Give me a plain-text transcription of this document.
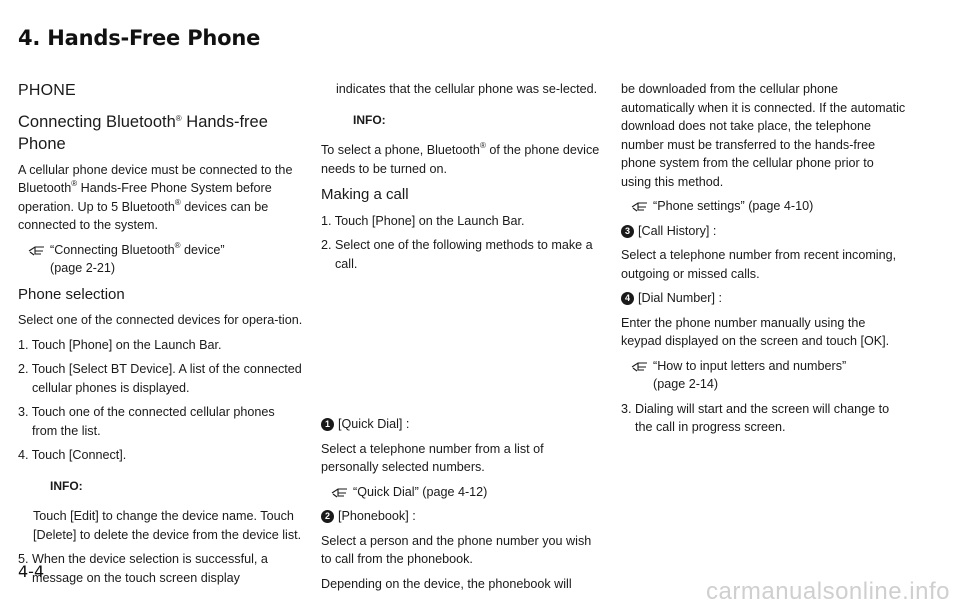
4. Hands-Free Phone
PHONE
Connecting Bluetooth® Hands-free
Phone

A cellular phone device must be connected to the Bluetooth® Hands-Free Phone System before operation. Up to 5 Bluetooth® devices can be connected to the system.

“Connecting Bluetooth® device”
(page 2-21)

Phone selection

Select one of the connected devices for opera-tion.

1. Touch [Phone] on the Launch Bar.

2. Touch [Select BT Device]. A list of the connected cellular phones is displayed.

3. Touch one of the connected cellular phones from the list.

4. Touch [Connect].

INFO:

Touch [Edit] to change the device name. Touch [Delete] to delete the device from the device list.

5. When the device selection is successful, a message on the touch screen display

indicates that the cellular phone was se-lected.

INFO:

To select a phone, Bluetooth® of the phone device needs to be turned on.

Making a call

1. Touch [Phone] on the Launch Bar.

2. Select one of the following methods to make a call.

1 [Quick Dial] :

Select a telephone number from a list of personally selected numbers.

“Quick Dial” (page 4-12)

2 [Phonebook] :

Select a person and the phone number you wish to call from the phonebook.

Depending on the device, the phonebook will

be downloaded from the cellular phone automatically when it is connected. If the automatic download does not take place, the telephone number must be transferred to the hands-free phone system from the cellular phone prior to using this method.

“Phone settings” (page 4-10)

3 [Call History] :

Select a telephone number from recent incoming, outgoing or missed calls.

4 [Dial Number] :

Enter the phone number manually using the keypad displayed on the screen and touch [OK].

“How to input letters and numbers”
(page 2-14)

3. Dialing will start and the screen will change to the call in progress screen.

4-4
carmanualsonline.info
